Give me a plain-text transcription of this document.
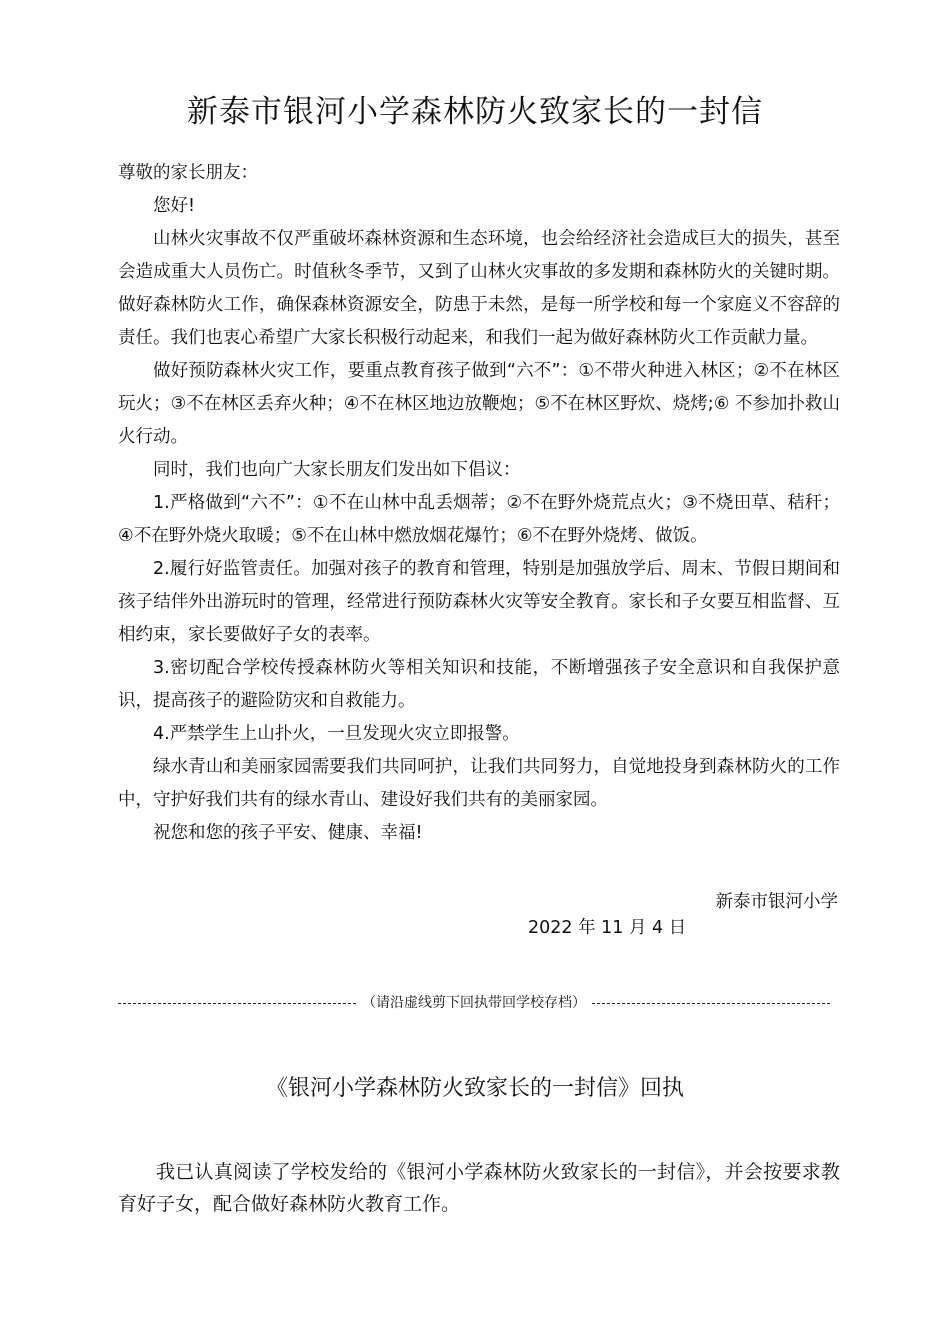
新泰市银河小学森林防火致家长的一封信

尊敬的家长朋友：

您好!

山林火灾事故不仅严重破坏森林资源和生态环境，也会给经济社会造成巨大的损失，甚至会造成重大人员伤亡。时值秋冬季节，又到了山林火灾事故的多发期和森林防火的关键时期。做好森林防火工作，确保森林资源安全，防患于未然，是每一所学校和每一个家庭义不容辞的责任。我们也衷心希望广大家长积极行动起来，和我们一起为做好森林防火工作贡献力量。

做好预防森林火灾工作，要重点教育孩子做到“六不”：①不带火种进入林区；②不在林区玩火；③不在林区丢弃火种；④不在林区地边放鞭炮；⑤不在林区野炊、烧烤;⑥ 不参加扑救山火行动。

同时，我们也向广大家长朋友们发出如下倡议：

1.严格做到“六不”：①不在山林中乱丢烟蒂；②不在野外烧荒点火；③不烧田草、秸秆；④不在野外烧火取暖；⑤不在山林中燃放烟花爆竹；⑥不在野外烧烤、做饭。

2.履行好监管责任。加强对孩子的教育和管理，特别是加强放学后、周末、节假日期间和孩子结伴外出游玩时的管理，经常进行预防森林火灾等安全教育。家长和子女要互相监督、互相约束，家长要做好子女的表率。

3.密切配合学校传授森林防火等相关知识和技能，不断增强孩子安全意识和自我保护意识，提高孩子的避险防灾和自救能力。

4.严禁学生上山扑火，一旦发现火灾立即报警。

绿水青山和美丽家园需要我们共同呵护，让我们共同努力，自觉地投身到森林防火的工作中，守护好我们共有的绿水青山、建设好我们共有的美丽家园。

祝您和您的孩子平安、健康、幸福!

新泰市银河小学
2022 年 11 月 4 日
（请沿虚线剪下回执带回学校存档）
《银河小学森林防火致家长的一封信》回执

我已认真阅读了学校发给的《银河小学森林防火致家长的一封信》，并会按要求教育好子女，配合做好森林防火教育工作。
